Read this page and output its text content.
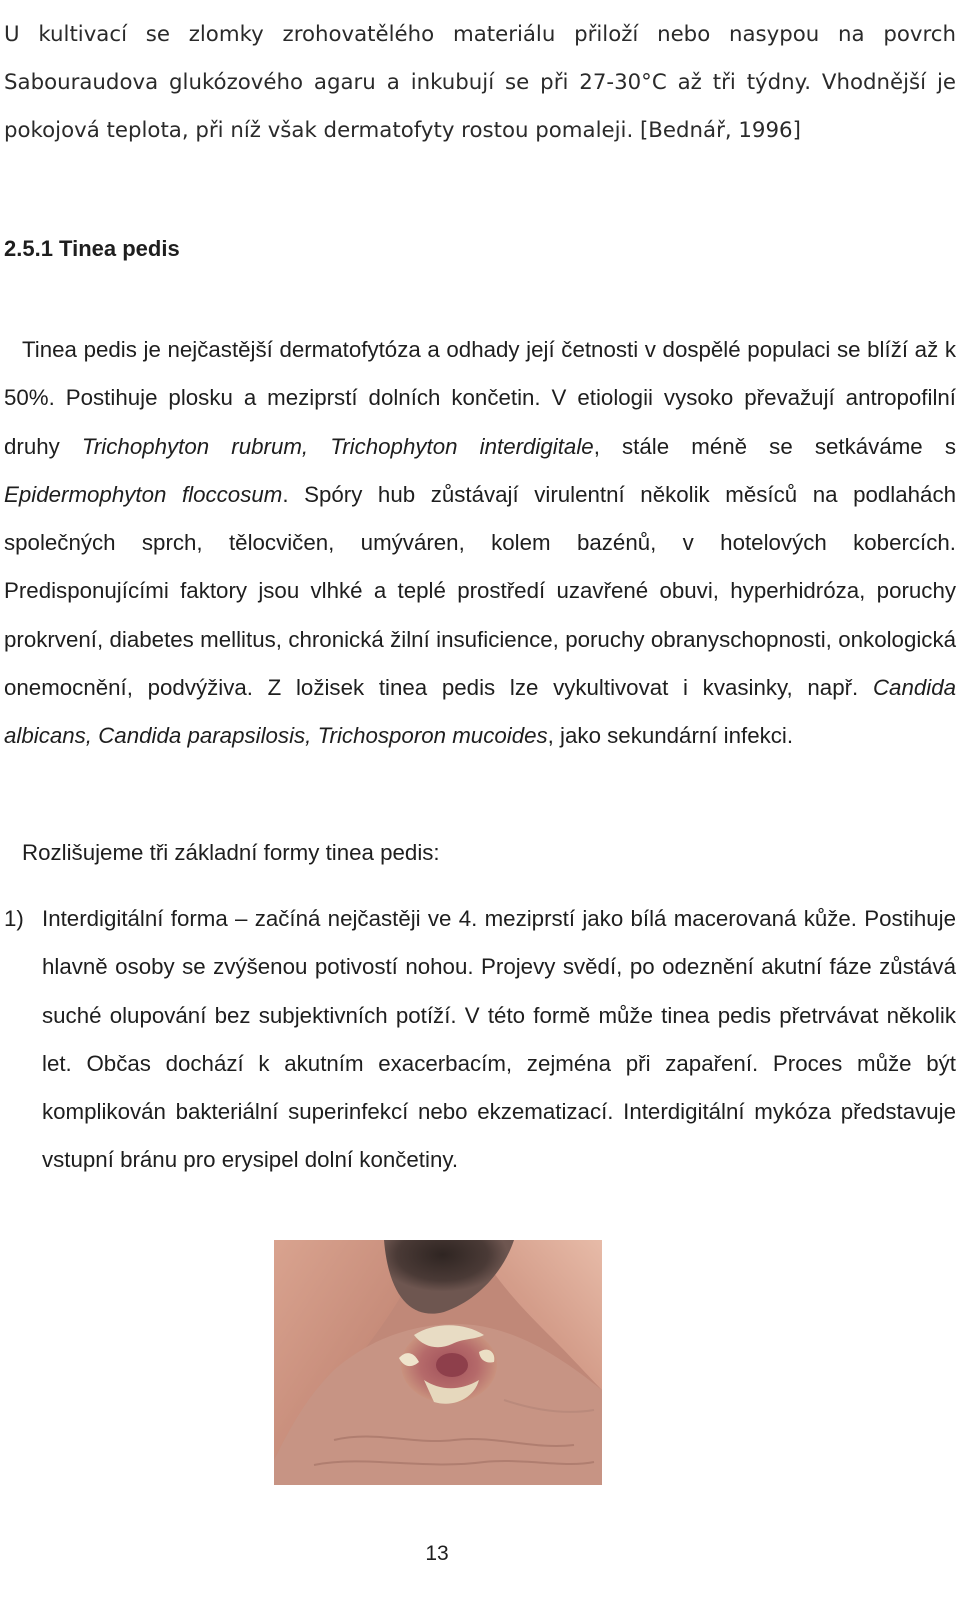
U kultivací se zlomky zrohovatělého materiálu přiloží nebo nasypou na povrch Sabouraudova glukózového agaru a inkubují se při 27-30°C až tři týdny. Vhodnější je pokojová teplota, při níž však dermatofyty rostou pomaleji. [Bednář, 1996]

2.5.1 Tinea pedis

Tinea pedis je nejčastější dermatofytóza a odhady její četnosti v dospělé populaci se blíží až k 50%. Postihuje plosku a meziprstí dolních končetin. V etiologii vysoko převažují antropofilní druhy Trichophyton rubrum, Trichophyton interdigitale, stále méně se setkáváme s Epidermophyton floccosum. Spóry hub zůstávají virulentní několik měsíců na podlahách společných sprch, tělocvičen, umýváren, kolem bazénů, v hotelových kobercích. Predisponujícími faktory jsou vlhké a teplé prostředí uzavřené obuvi, hyperhidróza, poruchy prokrvení, diabetes mellitus, chronická žilní insuficience, poruchy obranyschopnosti, onkologická onemocnění, podvýživa. Z ložisek tinea pedis lze vykultivovat i kvasinky, např. Candida albicans, Candida parapsilosis, Trichosporon mucoides, jako sekundární infekci.

Rozlišujeme tři základní formy tinea pedis:
1) Interdigitální forma – začíná nejčastěji ve 4. meziprstí jako bílá macerovaná kůže. Postihuje hlavně osoby se zvýšenou potivostí nohou. Projevy svědí, po odeznění akutní fáze zůstává suché olupování bez subjektivních potíží. V této formě může tinea pedis přetrvávat několik let. Občas dochází k akutním exacerbacím, zejména při zapaření. Proces může být komplikován bakteriální superinfekcí nebo ekzematizací. Interdigitální mykóza představuje vstupní bránu pro erysipel dolní končetiny.
13
